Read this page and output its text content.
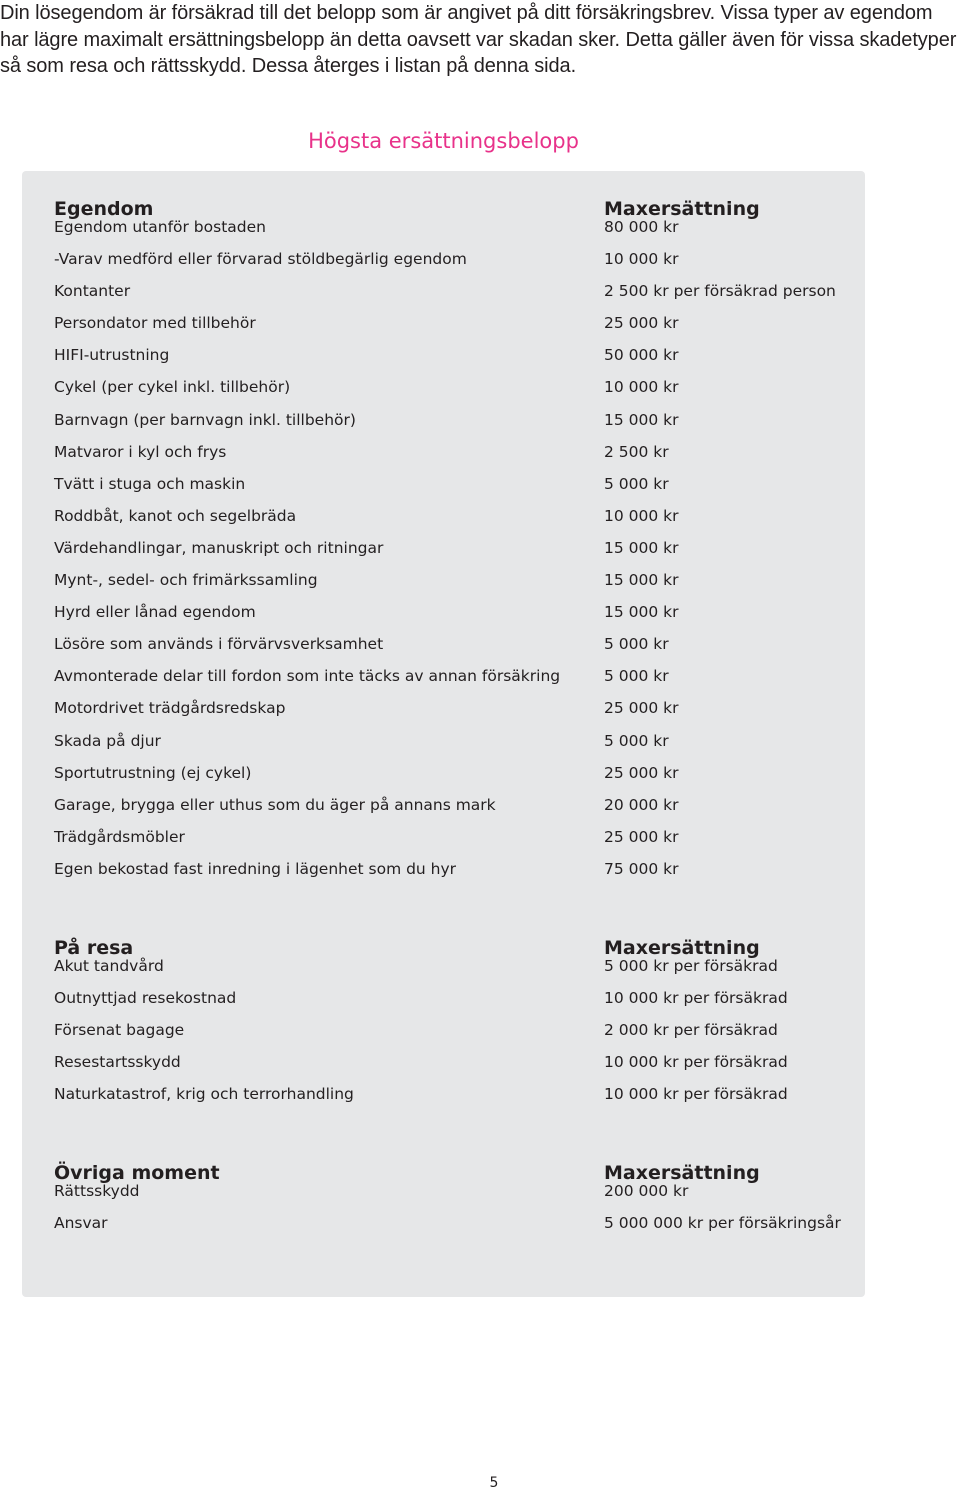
Din lösegendom är försäkrad till det belopp som är angivet på ditt försäkringsbrev. Vissa typer av egendom har lägre maximalt ersättningsbelopp än detta oavsett var skadan sker. Detta gäller även för vissa skadetyper så som resa och rättsskydd. Dessa återges i listan på denna sida.

Högsta ersättningsbelopp
Egendom	Maxersättning
Egendom utanför bostaden	80 000 kr
-Varav medförd eller förvarad stöldbegärlig egendom	10 000 kr
Kontanter	2 500 kr per försäkrad person
Persondator med tillbehör	25 000 kr
HIFI-utrustning	50 000 kr
Cykel (per cykel inkl. tillbehör)	10 000 kr
Barnvagn (per barnvagn inkl. tillbehör)	15 000 kr
Matvaror i kyl och frys	2 500 kr
Tvätt i stuga och maskin	5 000 kr
Roddbåt, kanot och segelbräda	10 000 kr
Värdehandlingar, manuskript och ritningar	15 000 kr
Mynt-, sedel- och frimärkssamling	15 000 kr
Hyrd eller lånad egendom	15 000 kr
Lösöre som används i förvärvsverksamhet	5 000 kr
Avmonterade delar till fordon som inte täcks av annan försäkring	5 000 kr
Motordrivet trädgårdsredskap	25 000 kr
Skada på djur	5 000 kr
Sportutrustning (ej cykel)	25 000 kr
Garage, brygga eller uthus som du äger på annans mark	20 000 kr
Trädgårdsmöbler	25 000 kr
Egen bekostad fast inredning i lägenhet som du hyr	75 000 kr
På resa	Maxersättning
Akut tandvård	5 000 kr per försäkrad
Outnyttjad resekostnad	10 000 kr per försäkrad
Försenat bagage	2 000 kr per försäkrad
Resestartsskydd	10 000 kr per försäkrad
Naturkatastrof, krig och terrorhandling	10 000 kr per försäkrad
Övriga moment	Maxersättning
Rättsskydd	200 000 kr
Ansvar	5 000 000 kr per försäkringsår
5
